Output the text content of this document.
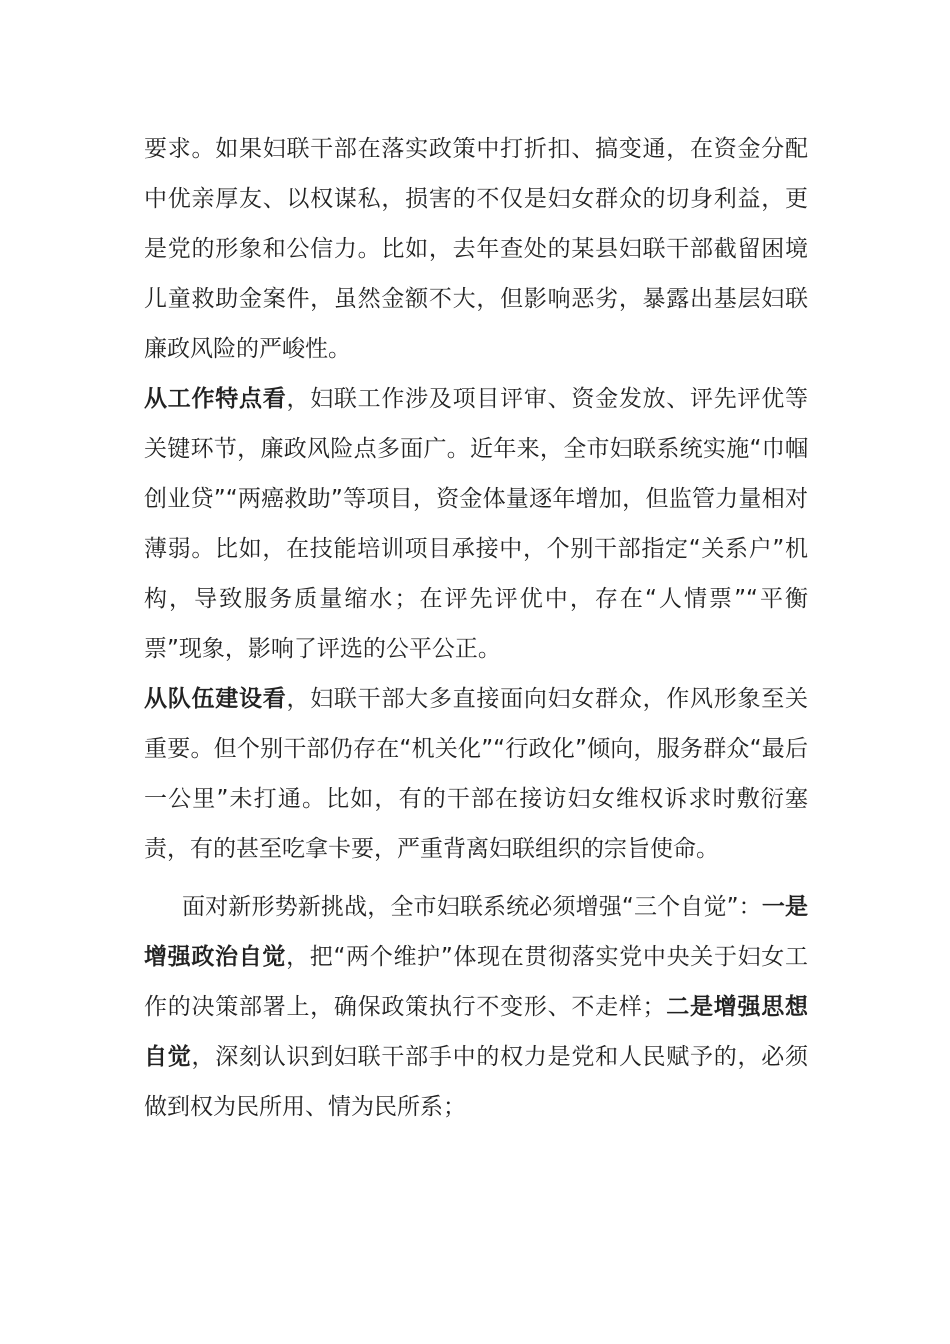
要求。如果妇联干部在落实政策中打折扣、搞变通，在资金分配中优亲厚友、以权谋私，损害的不仅是妇女群众的切身利益，更是党的形象和公信力。比如，去年查处的某县妇联干部截留困境儿童救助金案件，虽然金额不大，但影响恶劣，暴露出基层妇联廉政风险的严峻性。

从工作特点看，妇联工作涉及项目评审、资金发放、评先评优等关键环节，廉政风险点多面广。近年来，全市妇联系统实施“巾帼创业贷”“两癌救助”等项目，资金体量逐年增加，但监管力量相对薄弱。比如，在技能培训项目承接中，个别干部指定“关系户”机构，导致服务质量缩水；在评先评优中，存在“人情票”“平衡票”现象，影响了评选的公平公正。

从队伍建设看，妇联干部大多直接面向妇女群众，作风形象至关重要。但个别干部仍存在“机关化”“行政化”倾向，服务群众“最后一公里”未打通。比如，有的干部在接访妇女维权诉求时敷衍塞责，有的甚至吃拿卡要，严重背离妇联组织的宗旨使命。

面对新形势新挑战，全市妇联系统必须增强“三个自觉”：一是增强政治自觉，把“两个维护”体现在贯彻落实党中央关于妇女工作的决策部署上，确保政策执行不变形、不走样；二是增强思想自觉，深刻认识到妇联干部手中的权力是党和人民赋予的，必须做到权为民所用、情为民所系；
